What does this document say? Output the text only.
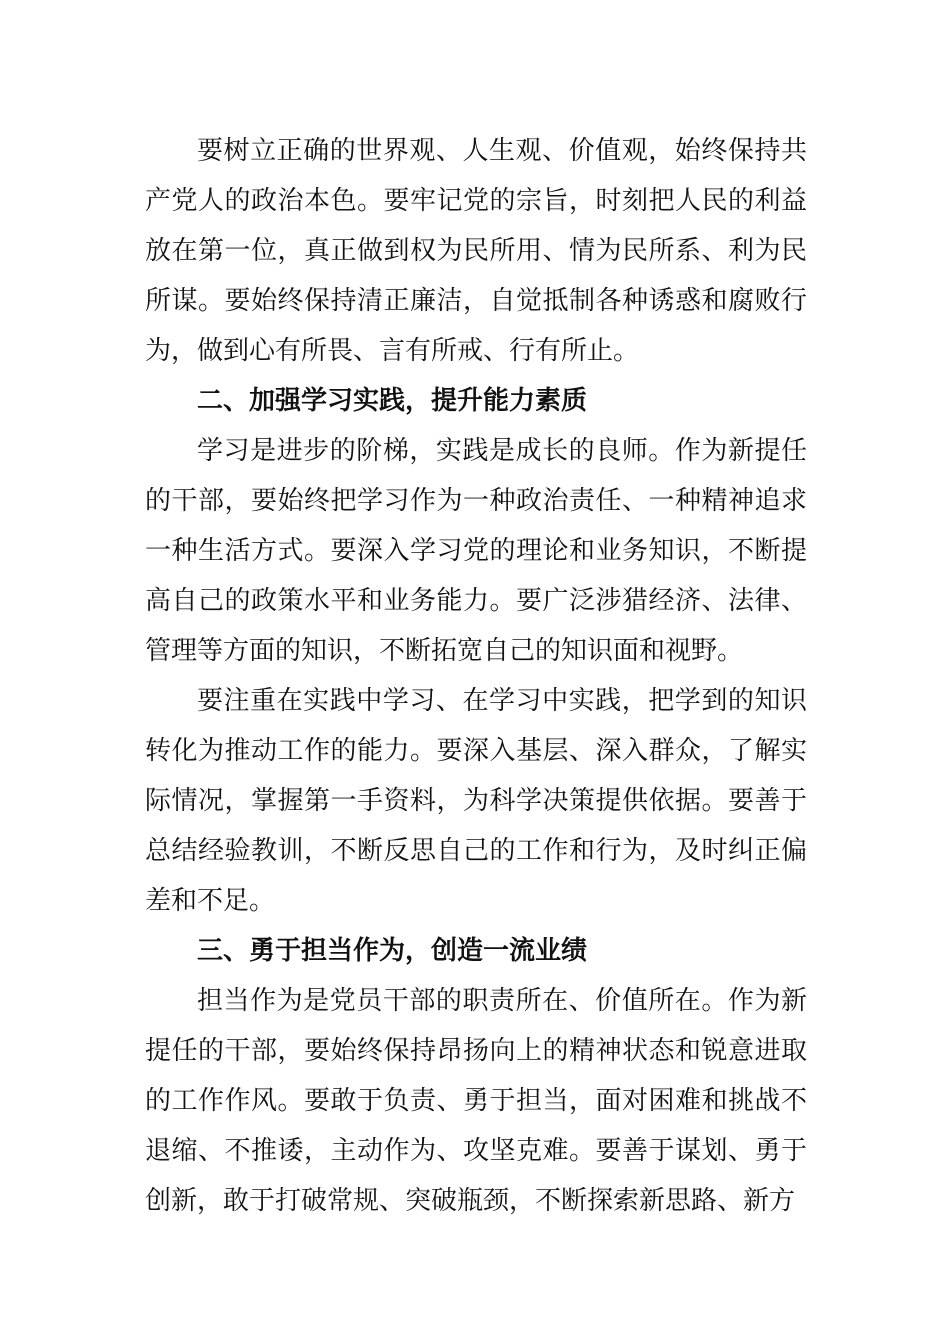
要树立正确的世界观、人生观、价值观，始终保持共产党人的政治本色。要牢记党的宗旨，时刻把人民的利益放在第一位，真正做到权为民所用、情为民所系、利为民所谋。要始终保持清正廉洁，自觉抵制各种诱惑和腐败行为，做到心有所畏、言有所戒、行有所止。

二、加强学习实践，提升能力素质

学习是进步的阶梯，实践是成长的良师。作为新提任的干部，要始终把学习作为一种政治责任、一种精神追求一种生活方式。要深入学习党的理论和业务知识，不断提高自己的政策水平和业务能力。要广泛涉猎经济、法律、管理等方面的知识，不断拓宽自己的知识面和视野。

要注重在实践中学习、在学习中实践，把学到的知识转化为推动工作的能力。要深入基层、深入群众，了解实际情况，掌握第一手资料，为科学决策提供依据。要善于总结经验教训，不断反思自己的工作和行为，及时纠正偏差和不足。

三、勇于担当作为，创造一流业绩

担当作为是党员干部的职责所在、价值所在。作为新提任的干部，要始终保持昂扬向上的精神状态和锐意进取的工作作风。要敢于负责、勇于担当，面对困难和挑战不退缩、不推诿，主动作为、攻坚克难。要善于谋划、勇于创新，敢于打破常规、突破瓶颈，不断探索新思路、新方
